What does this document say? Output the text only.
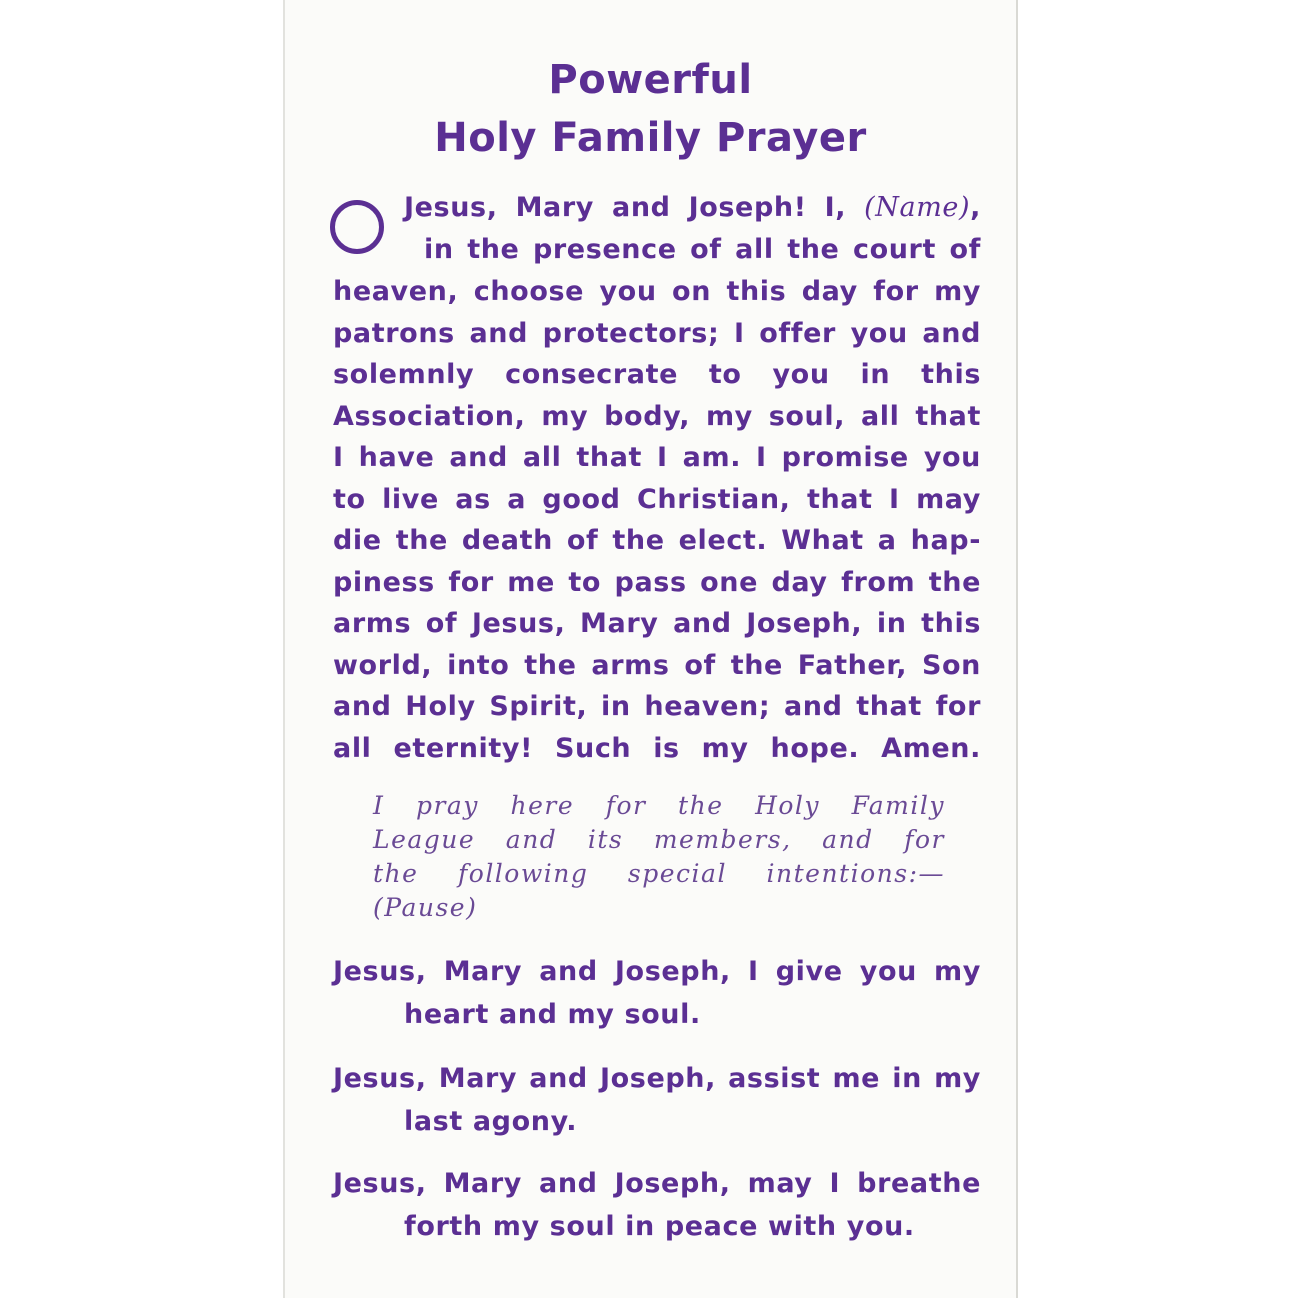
Powerful
Holy Family Prayer
Jesus, Mary and Joseph! I, (Name),
in the presence of all the court of
heaven, choose you on this day for my
patrons and protectors; I offer you and
solemnly consecrate to you in this
Association, my body, my soul, all that
I have and all that I am. I promise you
to live as a good Christian, that I may
die the death of the elect. What a hap-
piness for me to pass one day from the
arms of Jesus, Mary and Joseph, in this
world, into the arms of the Father, Son
and Holy Spirit, in heaven; and that for
all eternity! Such is my hope. Amen.
I pray here for the Holy Family
League and its members, and for
the following special intentions:—
(Pause)
Jesus, Mary and Joseph, I give you my
heart and my soul.
Jesus, Mary and Joseph, assist me in my
last agony.
Jesus, Mary and Joseph, may I breathe
forth my soul in peace with you.
